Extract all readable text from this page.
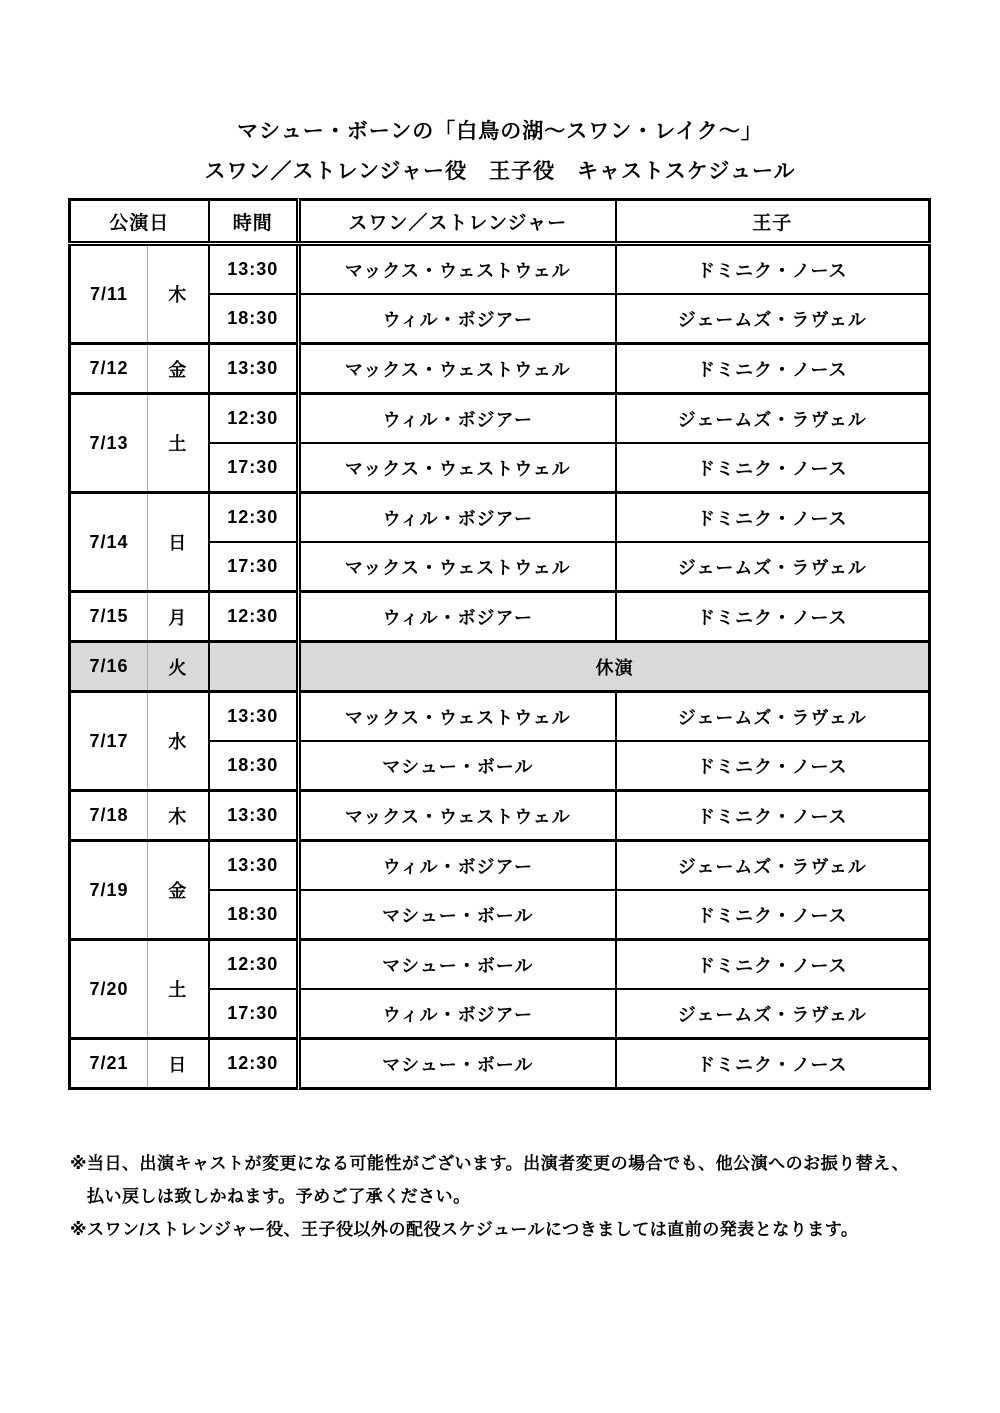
マシュー・ボーンの「白鳥の湖～スワン・レイク～」
スワン／ストレンジャー役　王子役　キャストスケジュール
公演日		時間	スワン／ストレンジャー	王子
7/11	木	13:30	マックス・ウェストウェル	ドミニク・ノース
		18:30	ウィル・ボジアー	ジェームズ・ラヴェル
7/12	金	13:30	マックス・ウェストウェル	ドミニク・ノース
7/13	土	12:30	ウィル・ボジアー	ジェームズ・ラヴェル
		17:30	マックス・ウェストウェル	ドミニク・ノース
7/14	日	12:30	ウィル・ボジアー	ドミニク・ノース
		17:30	マックス・ウェストウェル	ジェームズ・ラヴェル
7/15	月	12:30	ウィル・ボジアー	ドミニク・ノース
7/16	火		休演	
7/17	水	13:30	マックス・ウェストウェル	ジェームズ・ラヴェル
		18:30	マシュー・ボール	ドミニク・ノース
7/18	木	13:30	マックス・ウェストウェル	ドミニク・ノース
7/19	金	13:30	ウィル・ボジアー	ジェームズ・ラヴェル
		18:30	マシュー・ボール	ドミニク・ノース
7/20	土	12:30	マシュー・ボール	ドミニク・ノース
		17:30	ウィル・ボジアー	ジェームズ・ラヴェル
7/21	日	12:30	マシュー・ボール	ドミニク・ノース

※当日、出演キャストが変更になる可能性がございます。出演者変更の場合でも、他公演へのお振り替え、

払い戻しは致しかねます。予めご了承ください。

※スワン/ストレンジャー役、王子役以外の配役スケジュールにつきましては直前の発表となります。
